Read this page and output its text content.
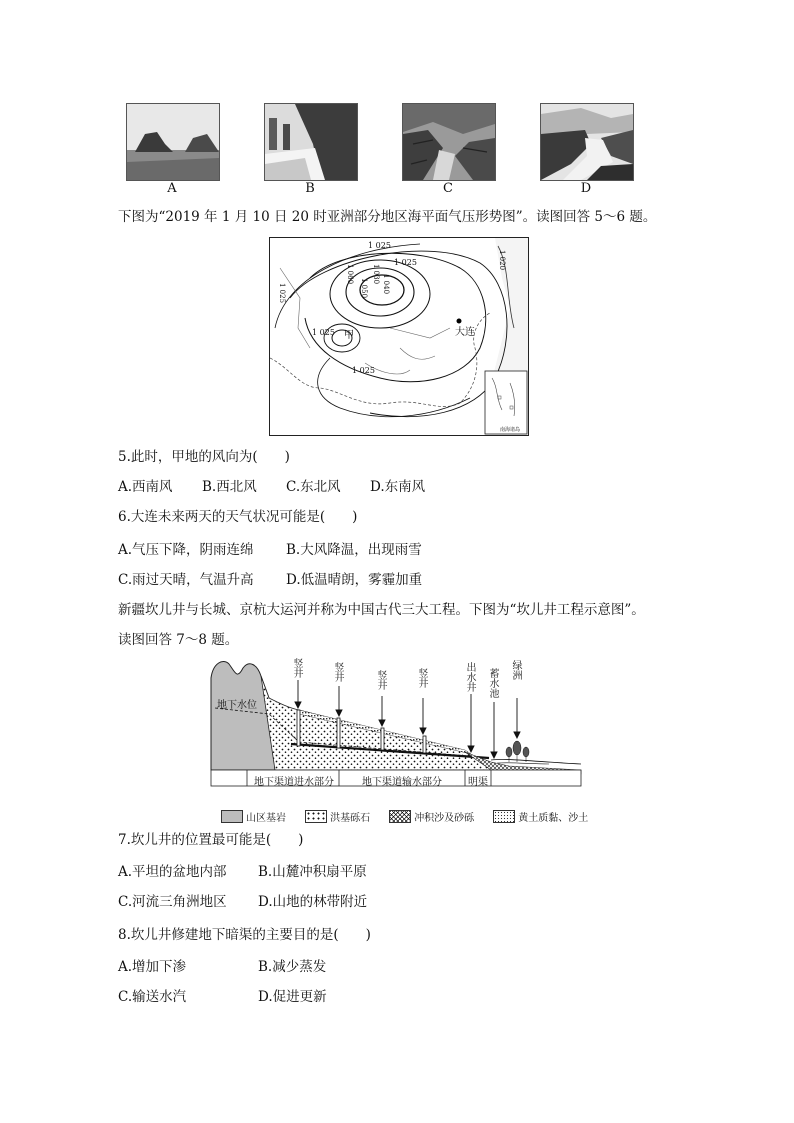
A	B	C	D
下图为“2019 年 1 月 10 日 20 时亚洲部分地区海平面气压形势图”。读图回答 5～6 题。
1 025
1 025	1 020
1 025
1 025
1 030 1 040
1 050
1 060
1 025
甲	大连
南海诸岛
5.此时，甲地的风向为(　　)
A.西南风 B.西北风 C.东北风 D.东南风
6.大连未来两天的天气状况可能是(　　)
A.气压下降，阴雨连绵 B.大风降温，出现雨雪
C.雨过天晴，气温升高 D.低温晴朗，雾霾加重
新疆坎儿井与长城、京杭大运河并称为中国古代三大工程。下图为“坎儿井工程示意图”。
读图回答 7～8 题。
地下水位
竖井
竖井	竖井
竖井
出水井
蓄水池
绿洲
地下渠道进水部分	地下渠道输水部分	明渠
山区基岩	洪基砾石	冲积沙及砂砾	黄土质黏、沙土
7.坎儿井的位置最可能是(　　)
A.平坦的盆地内部 B.山麓冲积扇平原
C.河流三角洲地区 D.山地的林带附近
8.坎儿井修建地下暗渠的主要目的是(　　)
A.增加下渗	B.减少蒸发
C.输送水汽	D.促进更新
